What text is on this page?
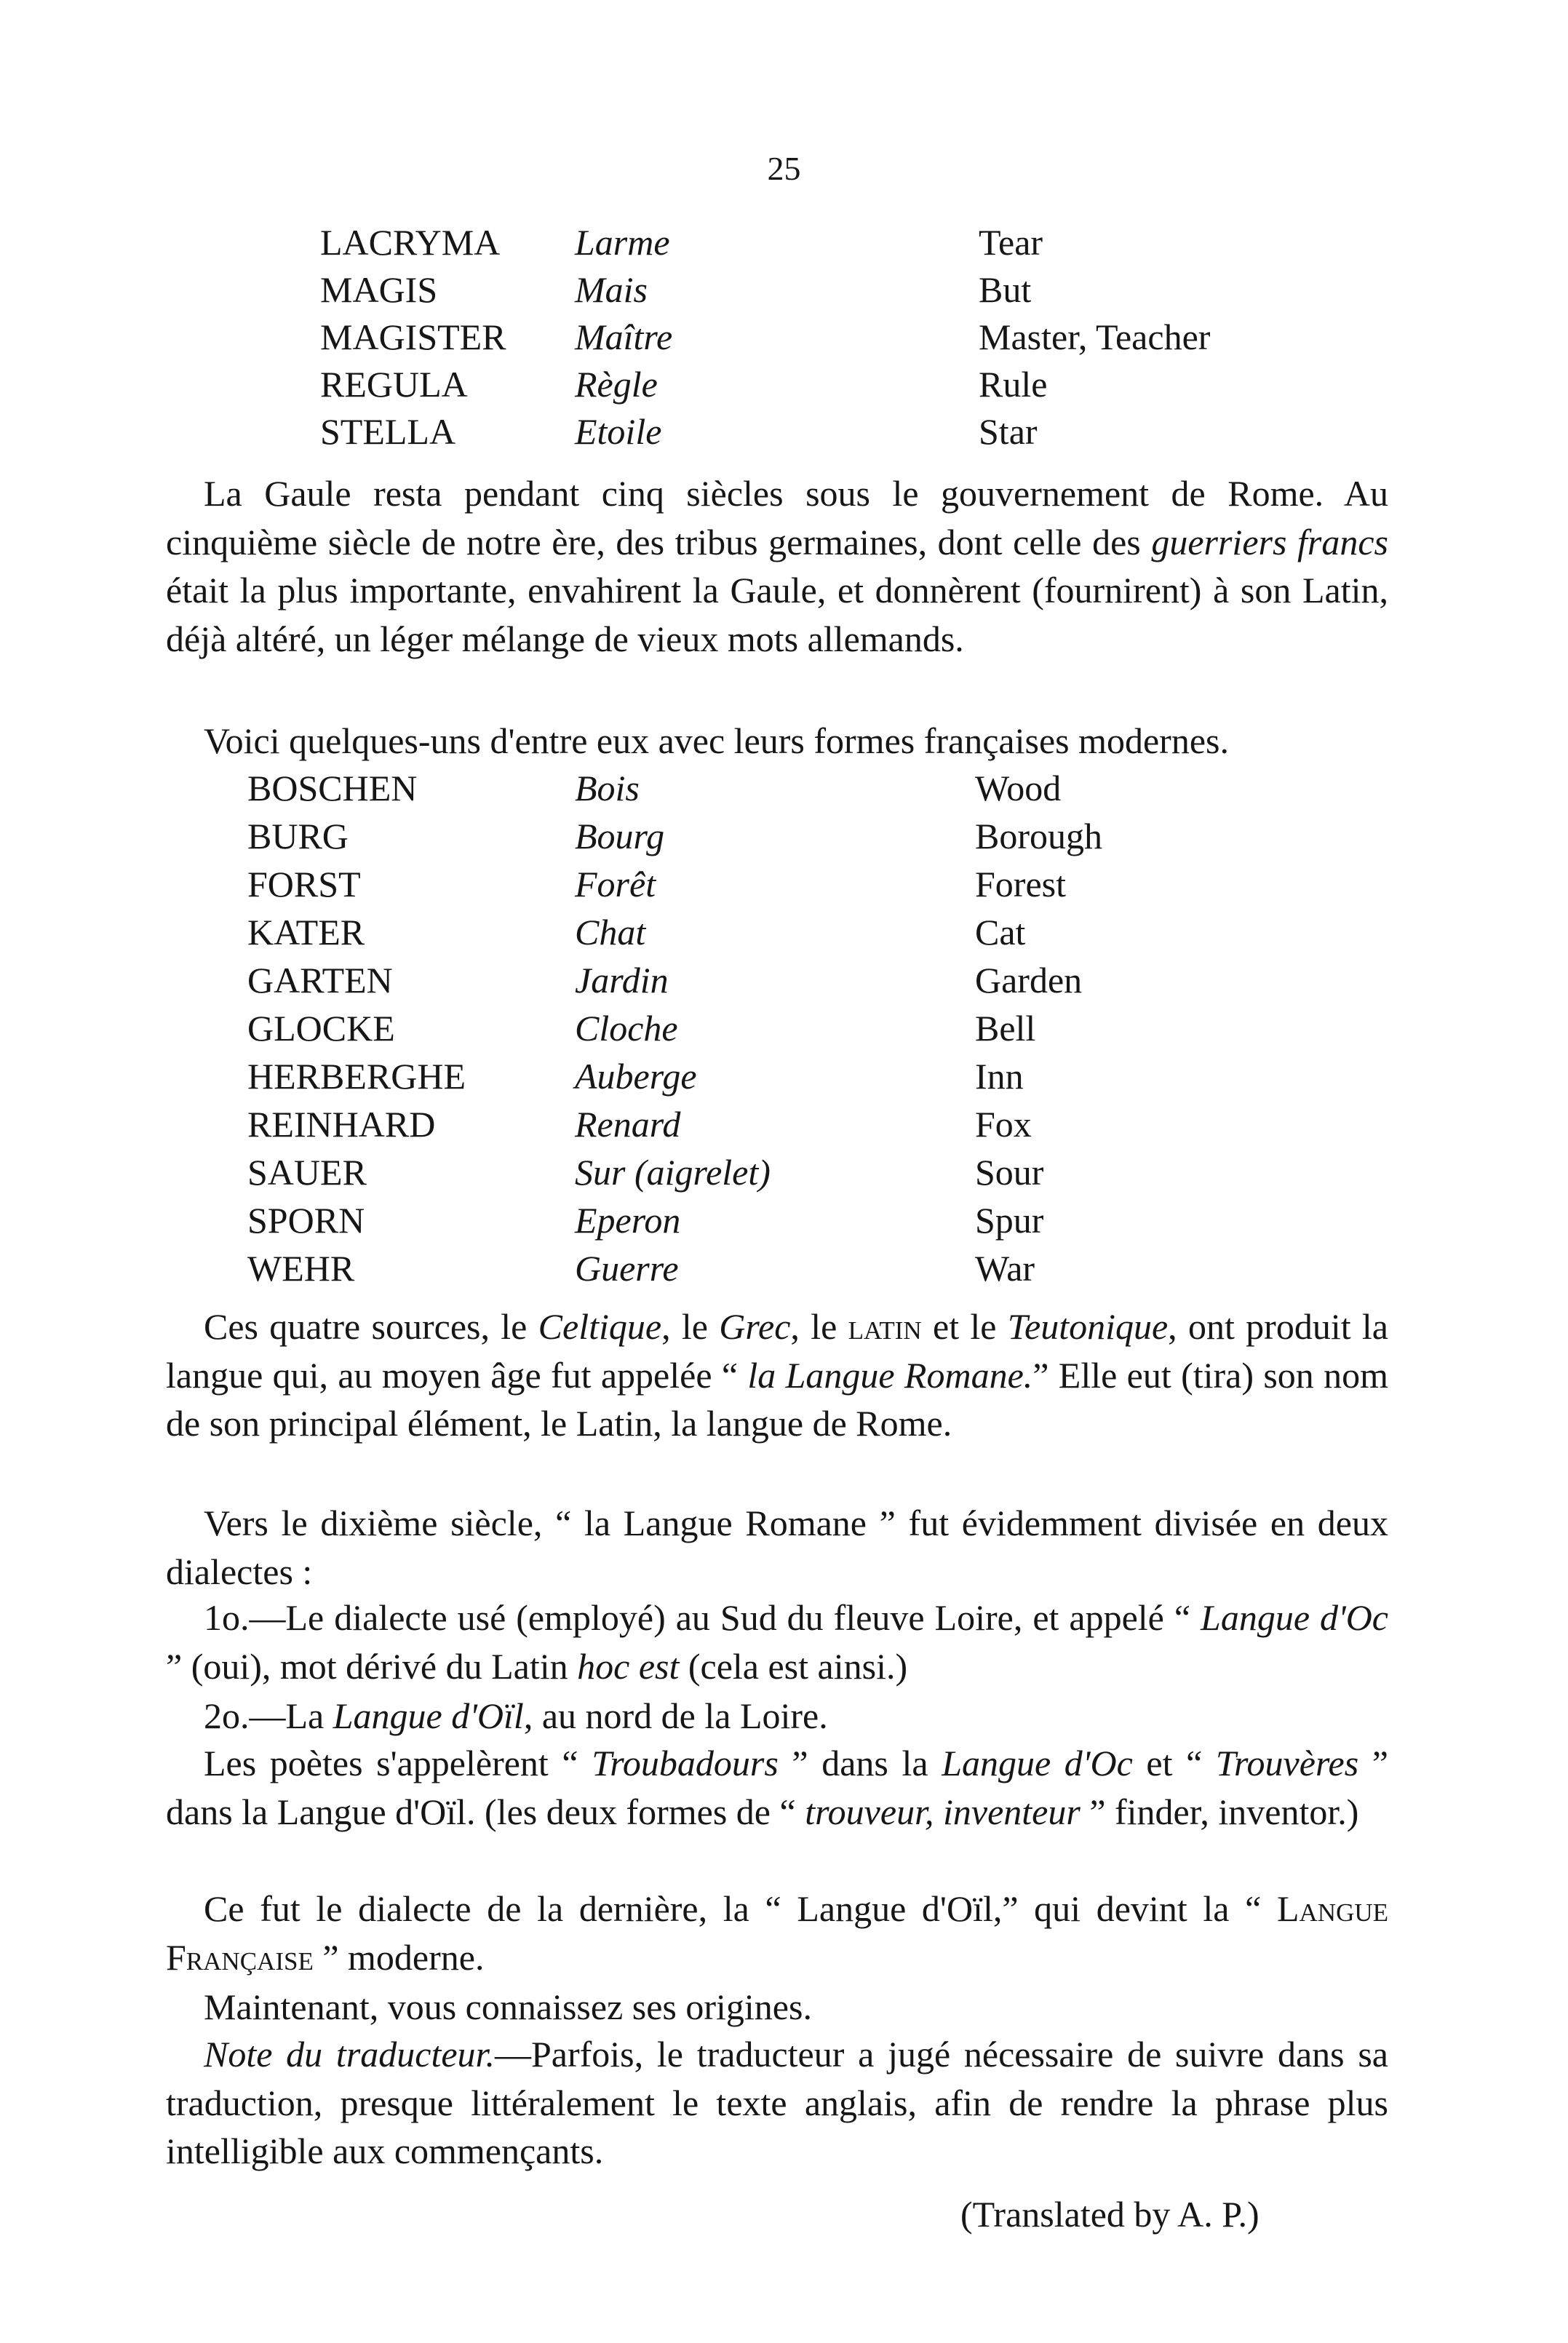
25
LACRYMA Larme	Tear
MAGIS	Mais	But
MAGISTER Maître	Master, Teacher
REGULA	Règle	Rule
STELLA	Etoile	Star
La Gaule resta pendant cinq siècles sous le gouvernement de Rome. Au cinquième siècle de notre ère, des tribus germaines, dont celle des guerriers francs était la plus importante, envahirent la Gaule, et donnèrent (fournirent) à son Latin, déjà altéré, un léger mélange de vieux mots allemands.
Voici quelques-uns d'entre eux avec leurs formes françaises modernes.
BOSCHEN	Bois	Wood
BURG	Bourg	Borough
FORST	Forêt	Forest
KATER	Chat	Cat
GARTEN	Jardin	Garden
GLOCKE	Cloche	Bell
HERBERGHE	Auberge	Inn
REINHARD	Renard	Fox
SAUER	Sur (aigrelet)	Sour
SPORN	Eperon	Spur
WEHR	Guerre	War
Ces quatre sources, le Celtique, le Grec, le latin et le Teutonique, ont produit la langue qui, au moyen âge fut appelée “ la Langue Romane.” Elle eut (tira) son nom de son principal élément, le Latin, la langue de Rome.
Vers le dixième siècle, “ la Langue Romane ” fut évidemment divisée en deux dialectes :
1o.—Le dialecte usé (employé) au Sud du fleuve Loire, et appelé “ Langue d'Oc ” (oui), mot dérivé du Latin hoc est (cela est ainsi.)
2o.—La Langue d'Oïl, au nord de la Loire.
Les poètes s'appelèrent “ Troubadours ” dans la Langue d'Oc et “ Trouvères ” dans la Langue d'Oïl. (les deux formes de “ trouveur, inventeur ” finder, inventor.)
Ce fut le dialecte de la dernière, la “ Langue d'Oïl,” qui devint la “ Langue Française ” moderne.
Maintenant, vous connaissez ses origines.
Note du traducteur.—Parfois, le traducteur a jugé nécessaire de suivre dans sa traduction, presque littéralement le texte anglais, afin de rendre la phrase plus intelligible aux commençants.
(Translated by A. P.)
